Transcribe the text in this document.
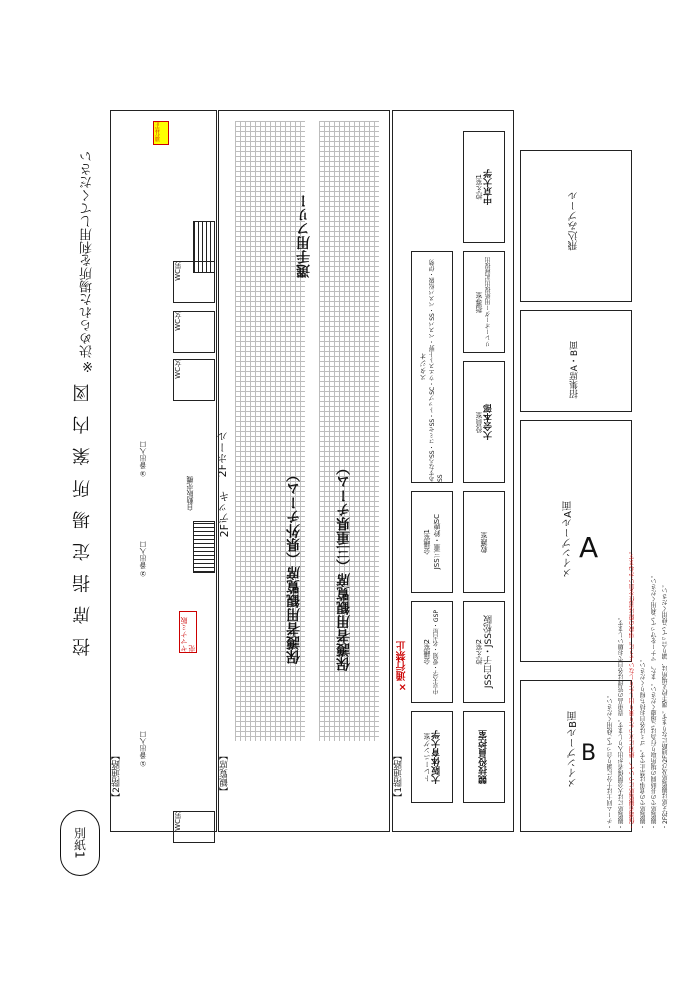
別紙1
控 席 指 定 場 所 案 内 図
※決められた場所を利用してください
【2階通路】
WC男
WC女
WC女
WC男
通行禁止
ヤマナミ販売
2Fデッキ
2Fホール
①番出入口
②番出入口
③番出入口
自動販売機
【観覧席】
保護者用観覧席（県外チーム） 保護者用観覧席（三重県チーム）
選手用フリー
【1階通路】
×通行禁止
トレーニング室 大阪体育大学	競技役員控室
会議室2 中京大学・愛知・名古屋・GSP	控え室2 JSS白子・JSS松阪
会議室1 JSS三重・鈴鹿SC	救護室
役員室 大会本部
スタジオ あすなろSS・コミセSS・トップSC・ウエスト上野・ベスパSS・ベスパ松阪・伊勢SS
指導室 リレーオーダー用紙提出記録提出
控え室1 中京大学
メインプールB面 B
メインプールA面 A
招集席A・B面
飛込みプール
・2F控え席は観覧席及び2F通路になります。選手控え場所は、譲り合ってご使用ください。
・観覧席での長時間の場所取り行為はご遠慮ください。また、マナーを守ってご利用ください。
・観覧席での食事は禁止です。ゴミは各自お持ち帰りください。
・保護者観覧席について、絶対に立ったり乗り出したりしないように。事故の際は責任を負いかねます。
・観覧席には大会関係者が出入りします。貴重品の管理は各自でお願いします。
・チーム同士は十分に譲り合ってご使用ください。
